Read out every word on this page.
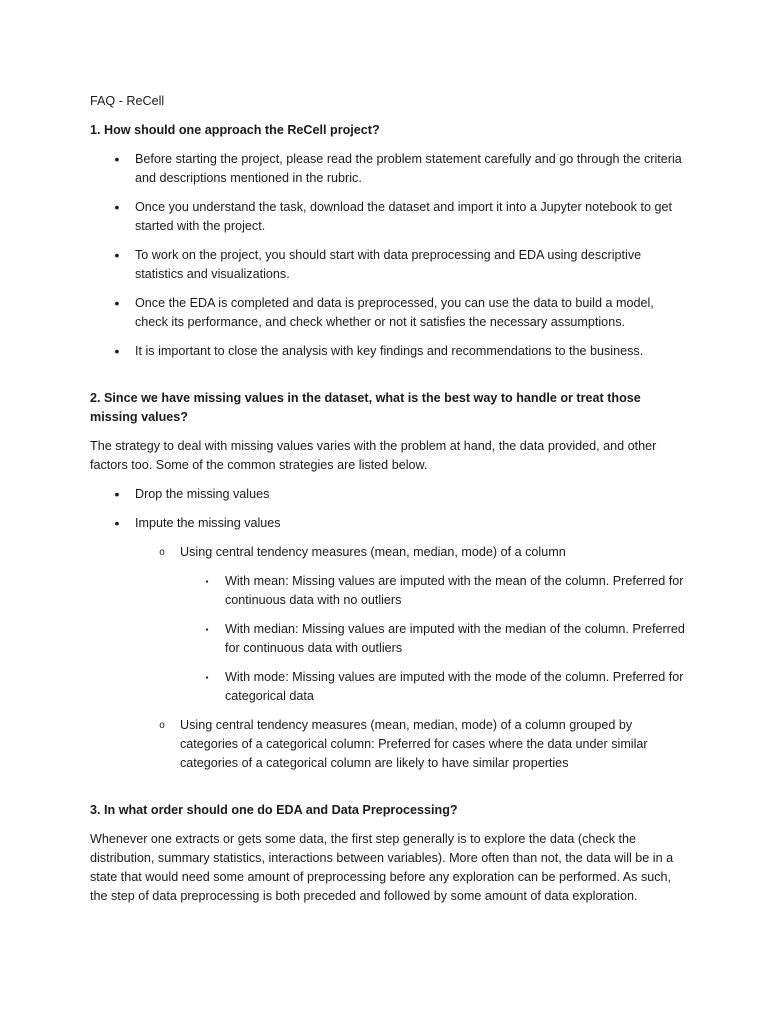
FAQ - ReCell

1. How should one approach the ReCell project?

• Before starting the project, please read the problem statement carefully and go through the criteria and descriptions mentioned in the rubric.
• Once you understand the task, download the dataset and import it into a Jupyter notebook to get started with the project.
• To work on the project, you should start with data preprocessing and EDA using descriptive statistics and visualizations.
• Once the EDA is completed and data is preprocessed, you can use the data to build a model, check its performance, and check whether or not it satisfies the necessary assumptions.
• It is important to close the analysis with key findings and recommendations to the business.

2. Since we have missing values in the dataset, what is the best way to handle or treat those missing values?

The strategy to deal with missing values varies with the problem at hand, the data provided, and other factors too. Some of the common strategies are listed below.

• Drop the missing values
• Impute the missing values
o Using central tendency measures (mean, median, mode) of a column
▪ With mean: Missing values are imputed with the mean of the column. Preferred for continuous data with no outliers
▪ With median: Missing values are imputed with the median of the column. Preferred for continuous data with outliers
▪ With mode: Missing values are imputed with the mode of the column. Preferred for categorical data
o Using central tendency measures (mean, median, mode) of a column grouped by categories of a categorical column: Preferred for cases where the data under similar categories of a categorical column are likely to have similar properties

3. In what order should one do EDA and Data Preprocessing?

Whenever one extracts or gets some data, the first step generally is to explore the data (check the distribution, summary statistics, interactions between variables). More often than not, the data will be in a state that would need some amount of preprocessing before any exploration can be performed. As such, the step of data preprocessing is both preceded and followed by some amount of data exploration.
